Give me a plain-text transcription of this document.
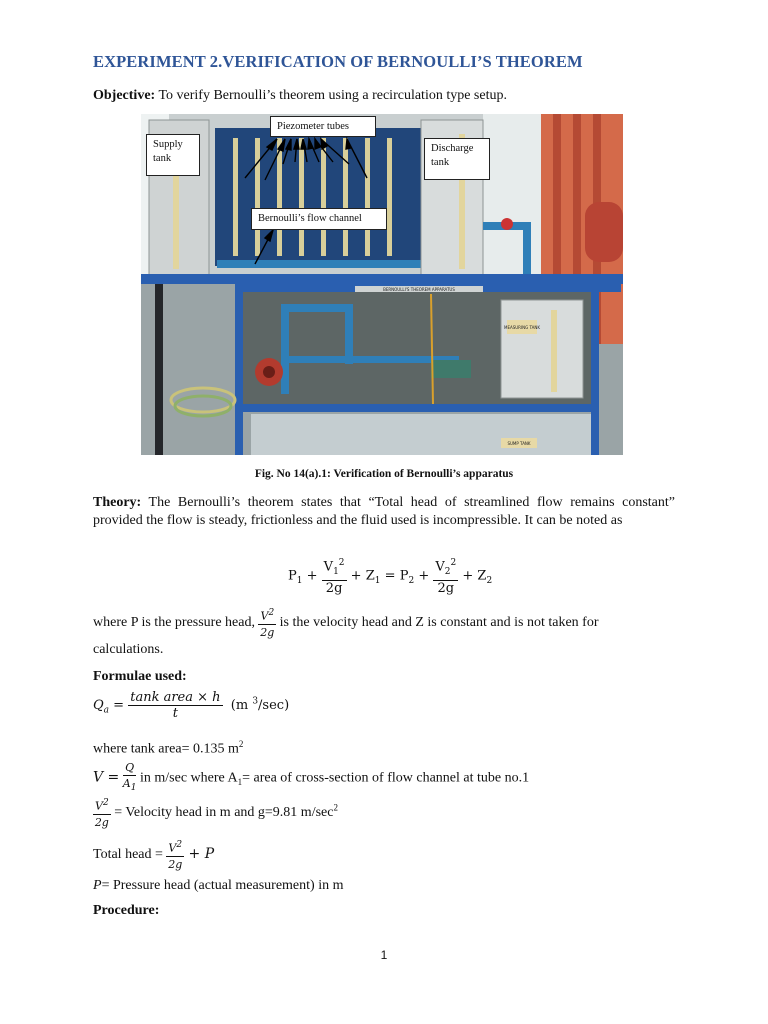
EXPERIMENT 2.VERIFICATION OF BERNOULLI’S THEOREM
Objective: To verify Bernoulli’s theorem using a recirculation type setup.
BERNOULLI'S THEOREM APPARATUS
MEASURING TANK
SUMP TANK
Piezometer tubes
Supply tank
Discharge tank
Bernoulli’s flow channel
Fig. No 14(a).1: Verification of Bernoulli’s apparatus
Theory: The Bernoulli’s theorem states that “Total head of streamlined flow remains constant” provided the flow is steady, frictionless and the fluid used is incompressible. It can be noted as
$P_1 + \frac{V_1^2}{2g} + Z_1 = P_2 + \frac{V_2^2}{2g} + Z_2$
where P is the pressure head, $\frac{V^2}{2g}$ is the velocity head and Z is constant and is not taken for
calculations.
Formulae used:
$Q_a = \frac{\text{tank area × h}}{t} (m$ $^3$/sec)
where tank area= 0.135 $m^2$
$V = \frac{Q}{A_1}$ in m/sec where $A_1=$ area of cross-section of flow channel at tube no.1
$\frac{V^2}{2g}$ = Velocity head in m and g=9.81 $m/\sec^2$
Total head = $\frac{V^2}{2g} + P$
P= Pressure head (actual measurement) in m
Procedure:
1
